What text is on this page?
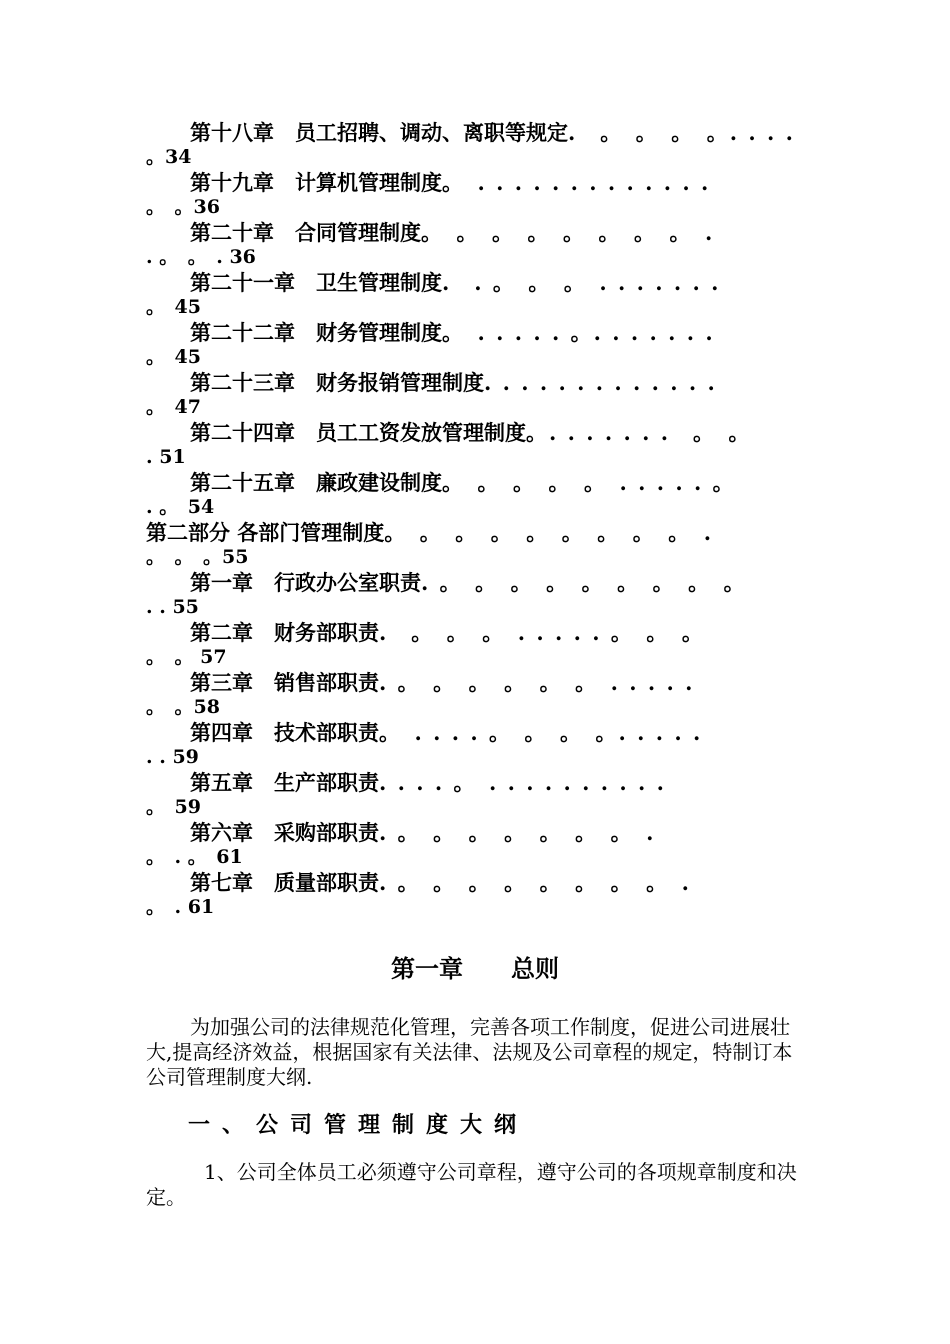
第十八章　员工招聘、调动、离职等规定.　。　。　。　。. . . .
。34
第十九章　计算机管理制度。　. . . . . . . . . . . . .
。　。36
第二十章　合同管理制度。　。　。　。　。　。　。　。　.
. 。　。　. 36
第二十一章　卫生管理制度.　. 。　。　。　. . . . . . .
。　45
第二十二章　财务管理制度。　. . . . . 。. . . . . . .
。　45
第二十三章　财务报销管理制度. . . . . . . . . . . . .
。　47
第二十四章　员工工资发放管理制度。. . . . . . .　。　。
. 51
第二十五章　廉政建设制度。　。　。　。　。　. . . . . 。
. 。　54
第二部分 各部门管理制度。　。　。　。　。　。　。　。　。　.
。　。　。55
第一章　行政办公室职责. 。　。　。　。　。　。　。　。　。
. . 55
第二章　财务部职责.　。　。　。　. . . . . 。　。　。
。　。 57
第三章　销售部职责. 。　。　。　。　。　。　. . . . .
。　。58
第四章　技术部职责。　. . . . 。　。　。　。. . . . .
. . 59
第五章　生产部职责. . . . 。　. . . . . . . . . .
。　59
第六章　采购部职责. 。　。　。　。　。　。　。　.
。　. 。　61
第七章　质量部职责. 。　。　。　。　。　。　。　。　.
。　. 61
第一章　　总则

为加强公司的法律规范化管理，完善各项工作制度，促进公司进展壮大,提高经济效益，根据国家有关法律、法规及公司章程的规定，特制订本公司管理制度大纲.

一、公司管理制度大纲

1、公司全体员工必须遵守公司章程，遵守公司的各项规章制度和决定。
